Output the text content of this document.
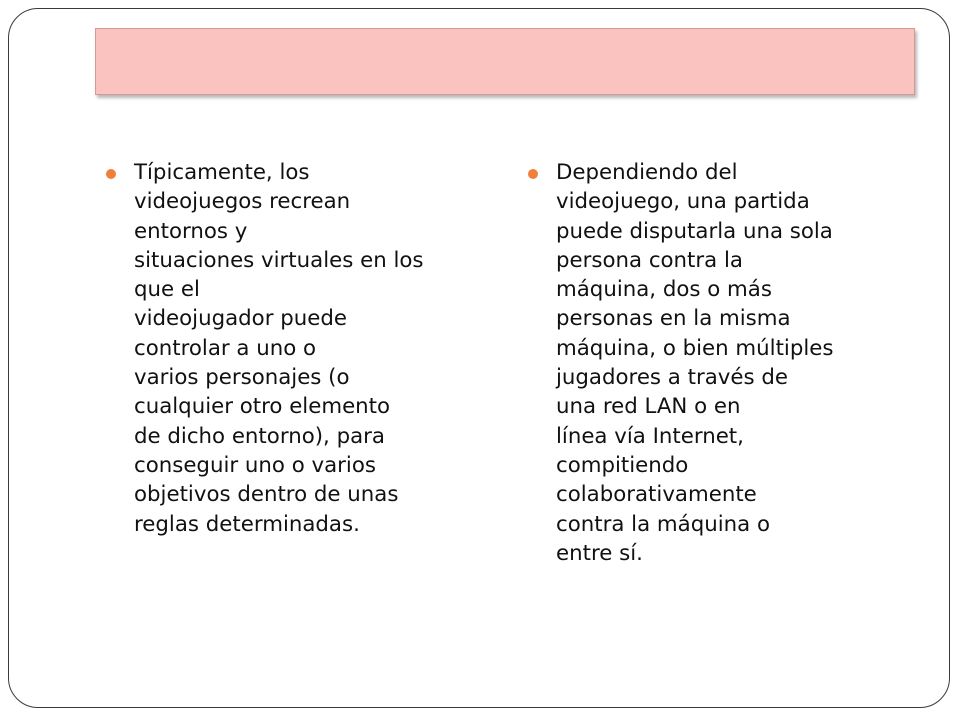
Típicamente, los
videojuegos recrean
entornos y
situaciones virtuales en los
que el
videojugador puede
controlar a uno o
varios personajes (o
cualquier otro elemento
de dicho entorno), para
conseguir uno o varios
objetivos dentro de unas
reglas determinadas.
Dependiendo del
videojuego, una partida
puede disputarla una sola
persona contra la
máquina, dos o más
personas en la misma
máquina, o bien múltiples
jugadores a través de
una red LAN o en
línea vía Internet,
compitiendo
colaborativamente
contra la máquina o
entre sí.
